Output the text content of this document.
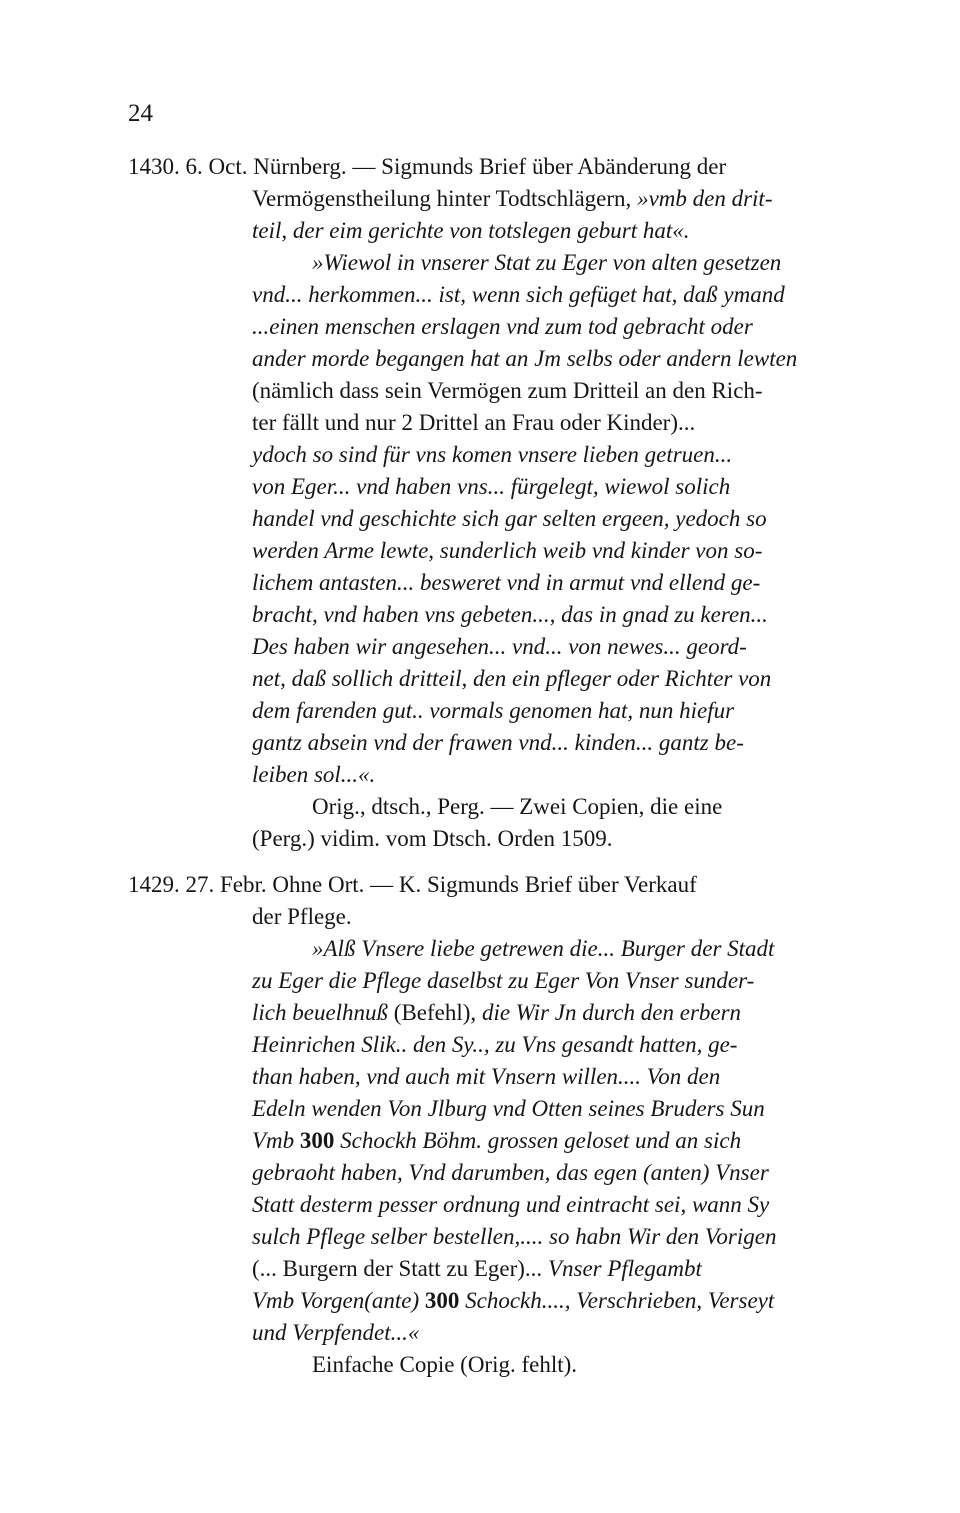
24
1430. 6. Oct. Nürnberg. — Sigmunds Brief über Abänderung der
Vermögenstheilung hinter Todtschlägern, »vmb den drit-
teil, der eim gerichte von totslegen geburt hat«.
»Wiewol in vnserer Stat zu Eger von alten gesetzen
vnd... herkommen... ist, wenn sich gefüget hat, daß ymand
...einen menschen erslagen vnd zum tod gebracht oder
ander morde begangen hat an Jm selbs oder andern lewten
(nämlich dass sein Vermögen zum Dritteil an den Rich-
ter fällt und nur 2 Drittel an Frau oder Kinder)...
ydoch so sind für vns komen vnsere lieben getruen...
von Eger... vnd haben vns... fürgelegt, wiewol solich
handel vnd geschichte sich gar selten ergeen, yedoch so
werden Arme lewte, sunderlich weib vnd kinder von so-
lichem antasten... besweret vnd in armut vnd ellend ge-
bracht, vnd haben vns gebeten..., das in gnad zu keren...
Des haben wir angesehen... vnd... von newes... geord-
net, daß sollich dritteil, den ein pfleger oder Richter von
dem farenden gut.. vormals genomen hat, nun hiefur
gantz absein vnd der frawen vnd... kinden... gantz be-
leiben sol...«.
Orig., dtsch., Perg. — Zwei Copien, die eine
(Perg.) vidim. vom Dtsch. Orden 1509.
1429. 27. Febr. Ohne Ort. — K. Sigmunds Brief über Verkauf
der Pflege.
»Alß Vnsere liebe getrewen die... Burger der Stadt
zu Eger die Pflege daselbst zu Eger Von Vnser sunder-
lich beuelhnuß (Befehl), die Wir Jn durch den erbern
Heinrichen Slik.. den Sy.., zu Vns gesandt hatten, ge-
than haben, vnd auch mit Vnsern willen.... Von den
Edeln wenden Von Jlburg vnd Otten seines Bruders Sun
Vmb 300 Schockh Böhm. grossen geloset und an sich
gebraoht haben, Vnd darumben, das egen (anten) Vnser
Statt desterm pesser ordnung und eintracht sei, wann Sy
sulch Pflege selber bestellen,.... so habn Wir den Vorigen
(... Burgern der Statt zu Eger)... Vnser Pflegambt
Vmb Vorgen(ante) 300 Schockh...., Verschrieben, Verseyt
und Verpfendet...«
Einfache Copie (Orig. fehlt).
